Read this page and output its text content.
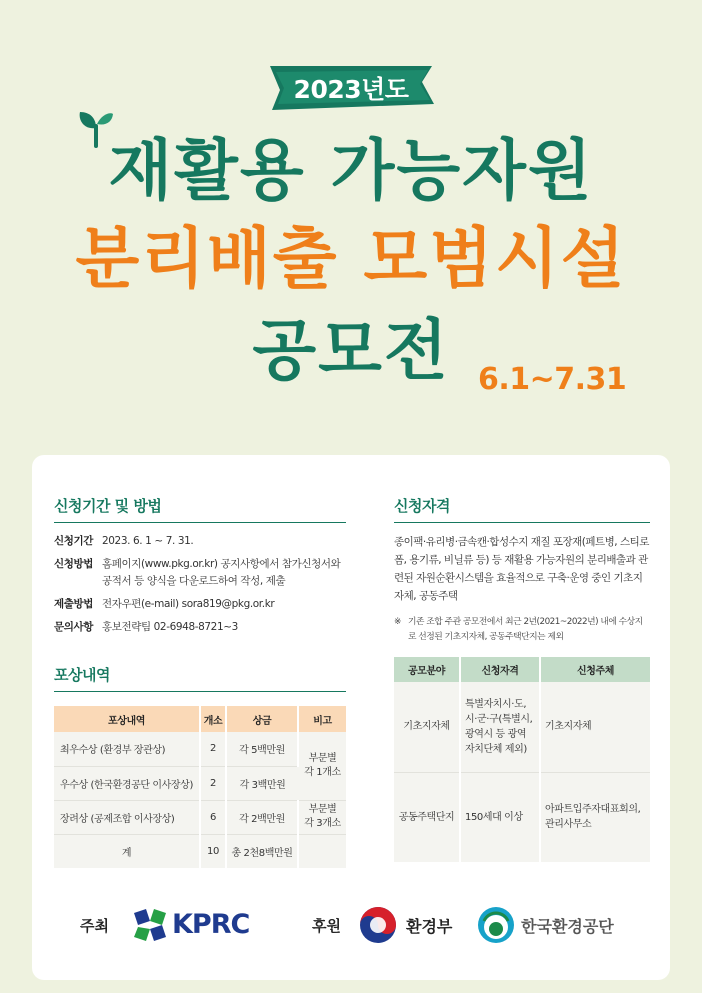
2023년도
재활용 가능자원
분리배출 모범시설
공모전 6.1~7.31
신청기간 및 방법
신청기간 2023. 6. 1 ~ 7. 31.
신청방법 홈페이지(www.pkg.or.kr) 공지사항에서 참가신청서와 공적서 등 양식을 다운로드하여 작성, 제출
제출방법 전자우편(e-mail) sora819@pkg.or.kr
문의사항 홍보전략팀 02-6948-8721~3
포상내역
포상내역	개소	상금	비고
최우수상 (환경부 장관상)	2	각 5백만원	부문별 각 1개소
우수상 (한국환경공단 이사장상)	2	각 3백만원	
장려상 (공제조합 이사장상)	6	각 2백만원	부문별 각 3개소
계	10	총 2천8백만원	
신청자격
종이팩·유리병·금속캔·합성수지 재질 포장재(페트병, 스티로폼, 용기류, 비닐류 등) 등 재활용 가능자원의 분리배출과 관련된 자원순환시스템을 효율적으로 구축·운영 중인 기초지자체, 공동주택
※ 기존 조합 주관 공모전에서 최근 2년(2021~2022년) 내에 수상지로 선정된 기초지자체, 공동주택단지는 제외
공모분야	신청자격	신청주체
기초지자체	특별자치시·도, 시·군·구(특별시, 광역시 등 광역자치단체 제외)	기초지자체
공동주택단지	150세대 이상	아파트입주자대표회의, 관리사무소
주최 KPRC	후원	환경부	한국환경공단
